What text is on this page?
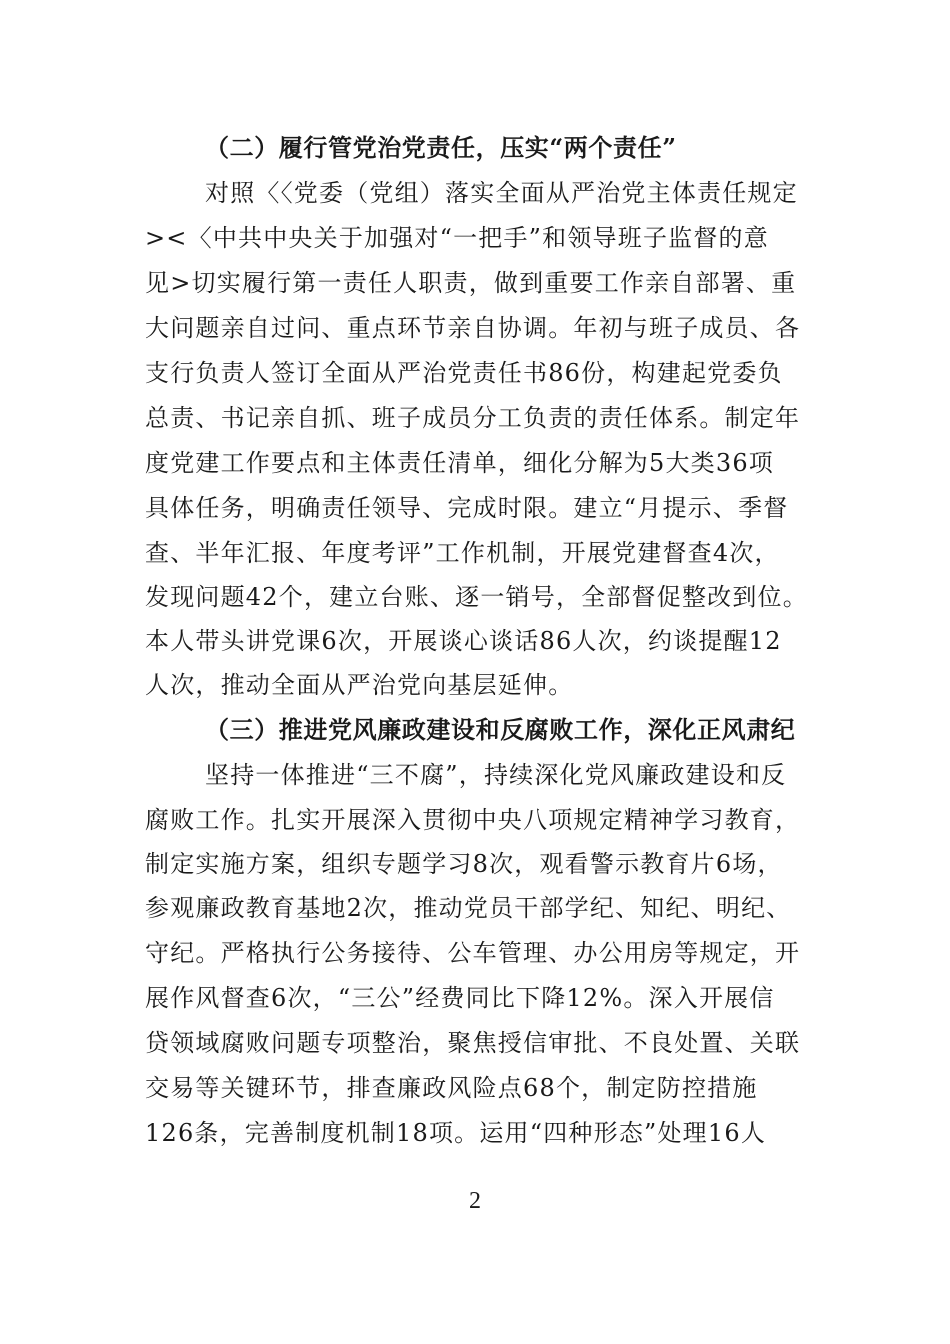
（二）履行管党治党责任，压实“两个责任”
对照〈〈党委（党组）落实全面从严治党主体责任规定
><〈中共中央关于加强对“一把手”和领导班子监督的意
见>切实履行第一责任人职责，做到重要工作亲自部署、重
大问题亲自过问、重点环节亲自协调。年初与班子成员、各
支行负责人签订全面从严治党责任书86份，构建起党委负
总责、书记亲自抓、班子成员分工负责的责任体系。制定年
度党建工作要点和主体责任清单，细化分解为5大类36项
具体任务，明确责任领导、完成时限。建立“月提示、季督
查、半年汇报、年度考评”工作机制，开展党建督查4次，
发现问题42个，建立台账、逐一销号，全部督促整改到位。
本人带头讲党课6次，开展谈心谈话86人次，约谈提醒12
人次，推动全面从严治党向基层延伸。
（三）推进党风廉政建设和反腐败工作，深化正风肃纪
坚持一体推进“三不腐”，持续深化党风廉政建设和反
腐败工作。扎实开展深入贯彻中央八项规定精神学习教育，
制定实施方案，组织专题学习8次，观看警示教育片6场，
参观廉政教育基地2次，推动党员干部学纪、知纪、明纪、
守纪。严格执行公务接待、公车管理、办公用房等规定，开
展作风督查6次，“三公”经费同比下降12%。深入开展信
贷领域腐败问题专项整治，聚焦授信审批、不良处置、关联
交易等关键环节，排查廉政风险点68个，制定防控措施
126条，完善制度机制18项。运用“四种形态”处理16人
2
